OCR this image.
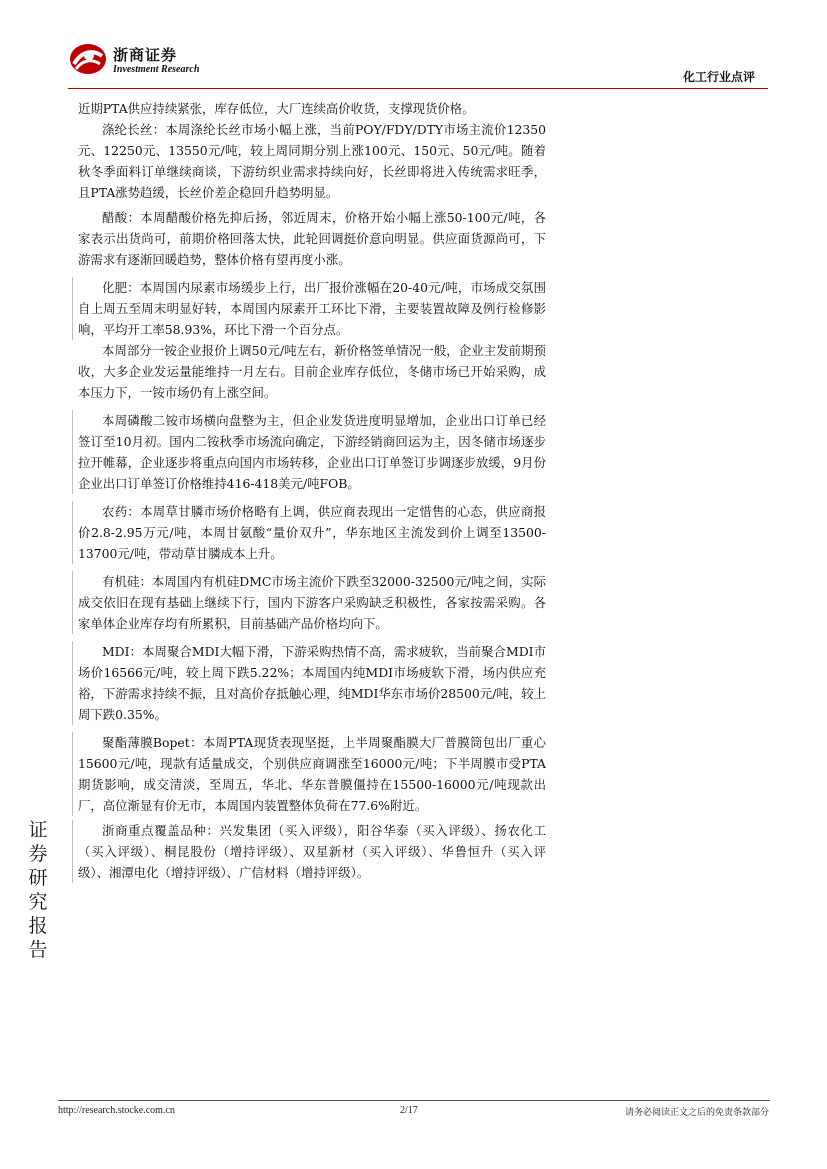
浙商证券
Investment Research
化工行业点评

近期PTA供应持续紧张，库存低位，大厂连续高价收货，支撑现货价格。

涤纶长丝：本周涤纶长丝市场小幅上涨，当前POY/FDY/DTY市场主流价12350元、12250元、13550元/吨，较上周同期分别上涨100元、150元、50元/吨。随着秋冬季面料订单继续商谈，下游纺织业需求持续向好，长丝即将进入传统需求旺季，且PTA涨势趋缓，长丝价差企稳回升趋势明显。

醋酸：本周醋酸价格先抑后扬，邻近周末，价格开始小幅上涨50-100元/吨，各家表示出货尚可，前期价格回落太快，此轮回调挺价意向明显。供应面货源尚可，下游需求有逐渐回暖趋势，整体价格有望再度小涨。

化肥：本周国内尿素市场缓步上行，出厂报价涨幅在20-40元/吨，市场成交氛围自上周五至周末明显好转，本周国内尿素开工环比下滑，主要装置故障及例行检修影响，平均开工率58.93%，环比下滑一个百分点。

本周部分一铵企业报价上调50元/吨左右，新价格签单情况一般，企业主发前期预收，大多企业发运量能维持一月左右。目前企业库存低位，冬储市场已开始采购，成本压力下，一铵市场仍有上涨空间。

本周磷酸二铵市场横向盘整为主，但企业发货进度明显增加，企业出口订单已经签订至10月初。国内二铵秋季市场流向确定，下游经销商回运为主，因冬储市场逐步拉开帷幕，企业逐步将重点向国内市场转移，企业出口订单签订步调逐步放缓，9月份企业出口订单签订价格维持416-418美元/吨FOB。

农药：本周草甘膦市场价格略有上调，供应商表现出一定惜售的心态，供应商报价2.8-2.95万元/吨，本周甘氨酸“量价双升”，华东地区主流发到价上调至13500-13700元/吨，带动草甘膦成本上升。

有机硅：本周国内有机硅DMC市场主流价下跌至32000-32500元/吨之间，实际成交依旧在现有基础上继续下行，国内下游客户采购缺乏积极性，各家按需采购。各家单体企业库存均有所累积，目前基础产品价格均向下。

MDI：本周聚合MDI大幅下滑，下游采购热情不高，需求疲软，当前聚合MDI市场价16566元/吨，较上周下跌5.22%；本周国内纯MDI市场疲软下滑，场内供应充裕，下游需求持续不振，且对高价存抵触心理，纯MDI华东市场价28500元/吨，较上周下跌0.35%。

聚酯薄膜Bopet：本周PTA现货表现坚挺，上半周聚酯膜大厂普膜筒包出厂重心15600元/吨，现款有适量成交，个别供应商调涨至16000元/吨；下半周膜市受PTA期货影响，成交清淡，至周五，华北、华东普膜僵持在15500-16000元/吨现款出厂，高位渐显有价无市，本周国内装置整体负荷在77.6%附近。

浙商重点覆盖品种：兴发集团（买入评级），阳谷华泰（买入评级）、扬农化工（买入评级）、桐昆股份（增持评级）、双星新材（买入评级）、华鲁恒升（买入评级）、湘潭电化（增持评级）、广信材料（增持评级）。

证
券
研
究
报
告
http://research.stocke.com.cn	2/17	请务必阅读正文之后的免责条款部分
